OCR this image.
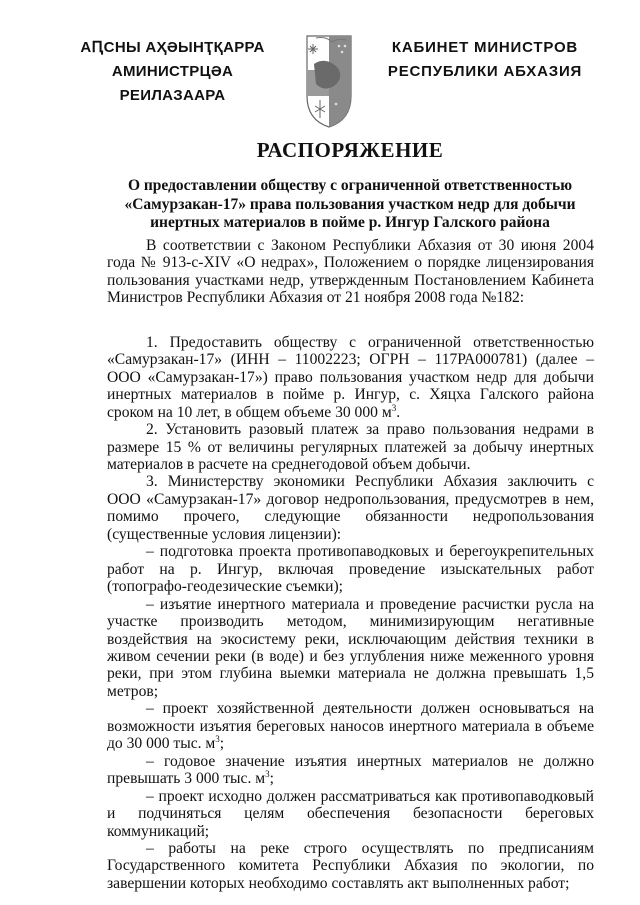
АԤСНЫ АҲӘЫНҬҚАРРА
АМИНИСТРЦӘА РЕИЛАЗААРА
КАБИНЕТ МИНИСТРОВ
РЕСПУБЛИКИ АБХАЗИЯ
РАСПОРЯЖЕНИЕ
О предоставлении обществу с ограниченной ответственностью «Самурзакан-17» права пользования участком недр для добычи инертных материалов в пойме р. Ингур Галского района

В соответствии с Законом Республики Абхазия от 30 июня 2004 года № 913-с-XIV «О недрах», Положением о порядке лицензирования пользования участками недр, утвержденным Постановлением Кабинета Министров Республики Абхазия от 21 ноября 2008 года №182:

1. Предоставить обществу с ограниченной ответственностью «Самурзакан-17» (ИНН – 11002223; ОГРН – 117РА000781) (далее – ООО «Самурзакан-17») право пользования участком недр для добычи инертных материалов в пойме р. Ингур, с. Хяцха Галского района сроком на 10 лет, в общем объеме 30 000 $м^3$.

2. Установить разовый платеж за право пользования недрами в размере 15 % от величины регулярных платежей за добычу инертных материалов в расчете на среднегодовой объем добычи.

3. Министерству экономики Республики Абхазия заключить с ООО «Самурзакан-17» договор недропользования, предусмотрев в нем, помимо прочего, следующие обязанности недропользования (существенные условия лицензии):

– подготовка проекта противопаводковых и берегоукрепительных работ на р. Ингур, включая проведение изыскательных работ (топографо-геодезические съемки);

– изъятие инертного материала и проведение расчистки русла на участке производить методом, минимизирующим негативные воздействия на экосистему реки, исключающим действия техники в живом сечении реки (в воде) и без углубления ниже меженного уровня реки, при этом глубина выемки материала не должна превышать 1,5 метров;

– проект хозяйственной деятельности должен основываться на возможности изъятия береговых наносов инертного материала в объеме до 30 000 тыс. $м^3$;

– годовое значение изъятия инертных материалов не должно превышать 3 000 тыс. $м^3$;

– проект исходно должен рассматриваться как противопаводковый и подчиняться целям обеспечения безопасности береговых коммуникаций;

– работы на реке строго осуществлять по предписаниям Государственного комитета Республики Абхазия по экологии, по завершении которых необходимо составлять акт выполненных работ;
